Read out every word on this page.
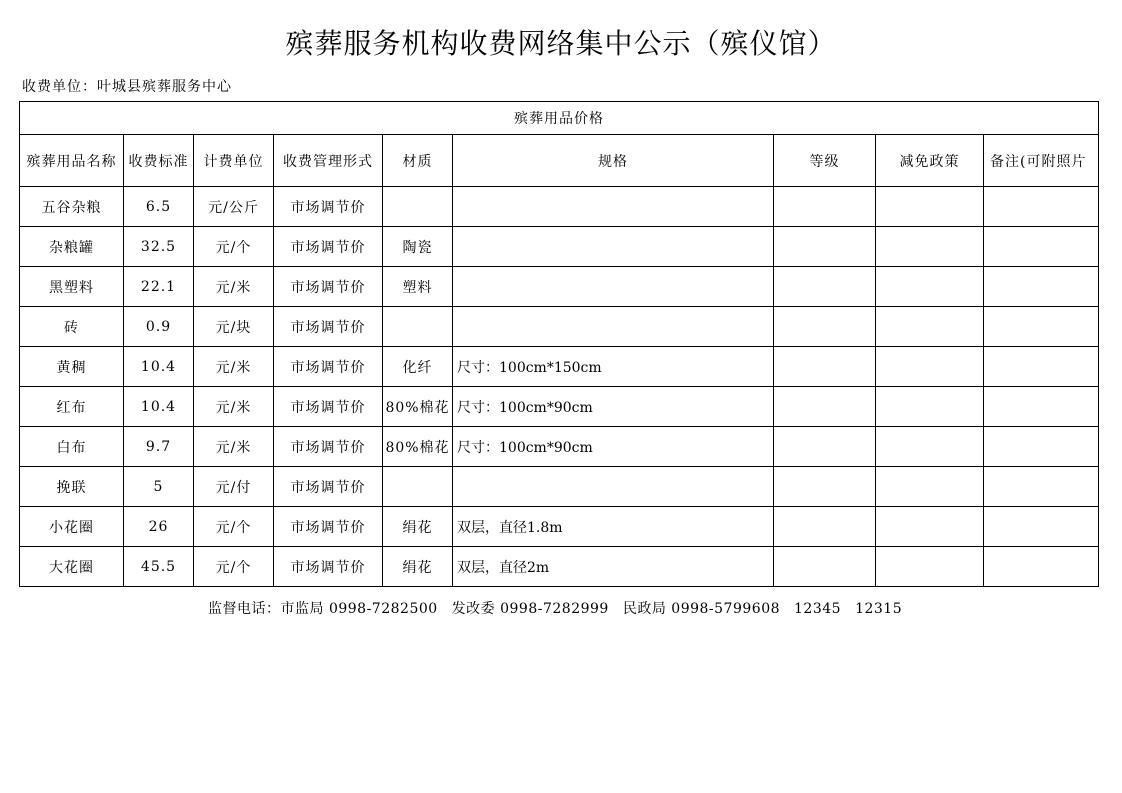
殡葬服务机构收费网络集中公示（殡仪馆）
收费单位：叶城县殡葬服务中心
殡葬用品价格								
殡葬用品名称	收费标准	计费单位	收费管理形式	材质	规格	等级	减免政策	备注(可附照片
五谷杂粮	6.5	元/公斤	市场调节价					
杂粮罐	32.5	元/个	市场调节价	陶瓷				
黑塑料	22.1	元/米	市场调节价	塑料				
砖	0.9	元/块	市场调节价					
黄稠	10.4	元/米	市场调节价	化纤	尺寸：100cm*150cm			
红布	10.4	元/米	市场调节价	80%棉花	尺寸：100cm*90cm			
白布	9.7	元/米	市场调节价	80%棉花	尺寸：100cm*90cm			
挽联	5	元/付	市场调节价					
小花圈	26	元/个	市场调节价	绢花	双层，直径1.8m			
大花圈	45.5	元/个	市场调节价	绢花	双层，直径2m			
监督电话：市监局 0998-7282500 发改委 0998-7282999 民政局 0998-5799608 12345 12315
